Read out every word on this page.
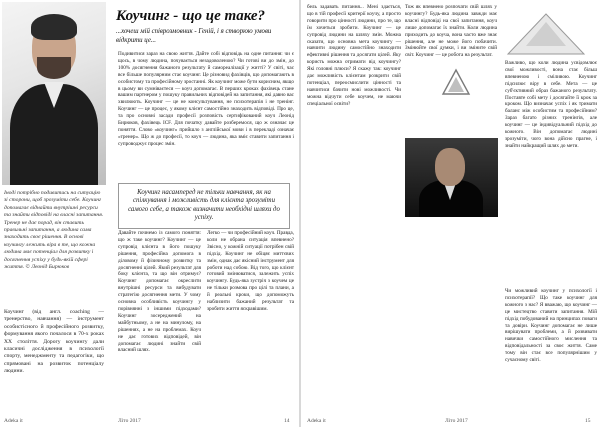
Іноді потрібно подивитись на ситуацію зі сторони, щоб зрозуміти себе. Коучинг допомагає віднайти внутрішні ресурси та знайти відповіді на власні запитання. Тренер не дає порад, він ставить правильні запитання, а людина сама знаходить своє рішення. В основі коучингу лежить віра в те, що кожна людина має потенціал для розвитку і досягнення успіху у будь-якій сфері життя. © Леонід Бирюков
Коучинг (від англ. coaching — тренерство, навчання) — інструмент особистісного й професійного розвитку, формування якого почалося в 70-х роках ХХ століття. Дорогу коучингу дали класичні дослідження в психології спорту, менеджменту та педагогіки, що спрямовані на розвиток потенціалу людини.
Коучинг - що це таке?
...хочеш мій співрозмовник - Геній, і я створюю умови відкрити це...
Подивитися зараз на свою життя. Дайте собі відповідь на одне питання: чи є щось, в чому людина, почувається незадоволеною? Чи готові ви до змін, до 100% досягнення бажаного результату й самореалізації у житті? У світі, час все більше популярним стає коучинг. Це різновид фахівців, що допомагають в особистому та професійному зростанні. Як коучинг може бути корисним, якщо в цьому ви сумніваєтеся — коуч допомагає. В перших кроках фахівець стане вашим партнером у пошуку правильних відповідей на запитання, які давно вас хвилюють. Коучинг — це не консультування, не психотерапія і не тренінг. Коучинг — це процес, у якому клієнт самостійно знаходить відповіді. Про це, та про основні засади професії розповість сертифікований коуч Леонід Бирюков, фахівець ICF. Для початку давайте розберемося, що ж означає це поняття. Слово «коучинг» прийшло з англійської мови і в перекладі означає «тренер». Що ж до професії, то коуч — людина, яка вміє ставити запитання і супроводжує процес змін.
Коучинг насамперед не тільки навчання, як на спілкування і можливість для клієнта зрозуміти самого себе, а також визначити необхідні шляхи до успіху.
Давайте почнемо із самого поняття: що ж таке коучинг? Коучинг — це супровід клієнта в його пошуку рішення, професійна допомога в діловому й фізичному розвитку та досягненні цілей. Який результат для боку клієнта, та що він отримує? Коучинг допомагає окреслити внутрішні ресурси та вибудувати стратегію досягнення мети. У чому основна особливість коучингу у порівнянні з іншими підходами? Коучинг зосереджений на майбутньому, а не на минулому, на рішеннях, а не на проблемах. Коуч не дає готових відповідей, він допомагає людині знайти свій власний шлях.
Легко — чи професійний коуч. Правда, коли не обрана ситуація впевнено? Звісно, у кожній ситуації потрібен свій підхід. Коучинг не обіцяє миттєвих змін, однак дає якісний інструмент для роботи над собою. Від того, що клієнт готовий змінюватися, залежить успіх коучингу. Будь-яка зустріч з коучем це не тільки розмова про цілі та плани, а й реальні кроки, що допоможуть наблизити бажаний результат та зробити життя яскравішим.
Adeka it	Літо 2017	14
бель задавать питання... Мені здається, що в тій професії критерії коучу, а просто говорити про цінності людини, про те, що їм хочеться зробити. Коучинг — це супровід людини на шляху змін. Можна сказати, що основна мета коучингу — навчити людину самостійно знаходити ефективні рішення та досягати цілей. Яку користь можна отримати від коучингу? Які головні плюси? Я скажу так: коучинг дає можливість клієнтам розкрити свій потенціал, переосмислити цінності та навчитися бачити нові можливості. Чи можна відчути себе коучем, не маючи спеціальної освіти?
Тож як впевнено розпочати свій шлях у коучингу? Будь-яка людина завжди має власні відповіді на свої запитання, коуч лише допомагає їх знайти. Коли людина приходить до коуча, вона часто вже знає рішення, але не може його побачити. Змінюйте свої думки, і ви зміните свій світ. Коучинг — це робота на результат.
Важливо, що коли людина усвідомлює свої можливості, вона стає більш впевненою і сміливою. Коучинг підсилює віру в себе. Мета — це суб'єктивний образ бажаного результату. Поставте собі мету і досягайте її крок за кроком. Що визначає успіх і як тримати баланс між особистим та професійним? Зараз багато різних тренінгів, але коучинг — це індивідуальний підхід до кожного. Він допомагає людині зрозуміти, чого вона дійсно прагне, і знайти найкращий шлях до мети.
Чи можливий коучинг у психології і психотерапії? Що таке коучинг для кожного з нас? Я вважаю, що коучинг — це мистецтво ставити запитання. Мій підхід побудований на принципах поваги та довіри. Коучинг допомагає не лише вирішувати проблеми, а й розвивати навички самостійного мислення та відповідальності за своє життя. Саме тому він стає все популярнішим у сучасному світі.
Adeka it	Літо 2017	15
